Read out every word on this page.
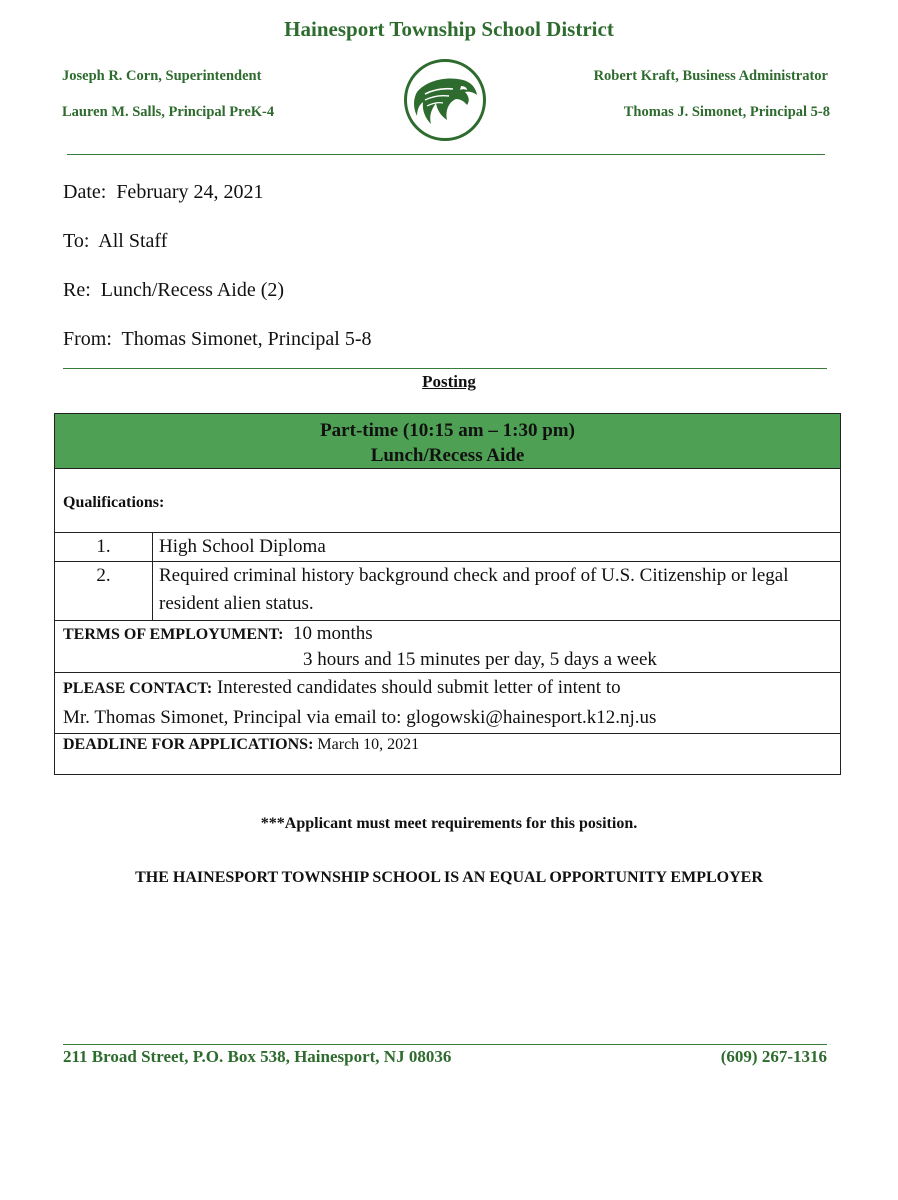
Hainesport Township School District
Joseph R. Corn, Superintendent
Lauren M. Salls, Principal PreK-4
Robert Kraft, Business Administrator
Thomas J. Simonet, Principal 5-8
Date: February 24, 2021
To: All Staff
Re: Lunch/Recess Aide (2)
From: Thomas Simonet, Principal 5-8
Posting
Part-time (10:15 am – 1:30 pm)
Lunch/Recess Aide	

Qualifications:	

1.	High School Diploma
2.	Required criminal history background check and proof of U.S. Citizenship or legal resident alien status.

TERMS OF EMPLOYUMENT: 10 months
3 hours and 15 minutes per day, 5 days a week	

PLEASE CONTACT: Interested candidates should submit letter of intent to
Mr. Thomas Simonet, Principal via email to: glogowski@hainesport.k12.nj.us	

DEADLINE FOR APPLICATIONS: March 10, 2021	
***Applicant must meet requirements for this position.
THE HAINESPORT TOWNSHIP SCHOOL IS AN EQUAL OPPORTUNITY EMPLOYER
211 Broad Street, P.O. Box 538, Hainesport, NJ 08036	(609) 267-1316
